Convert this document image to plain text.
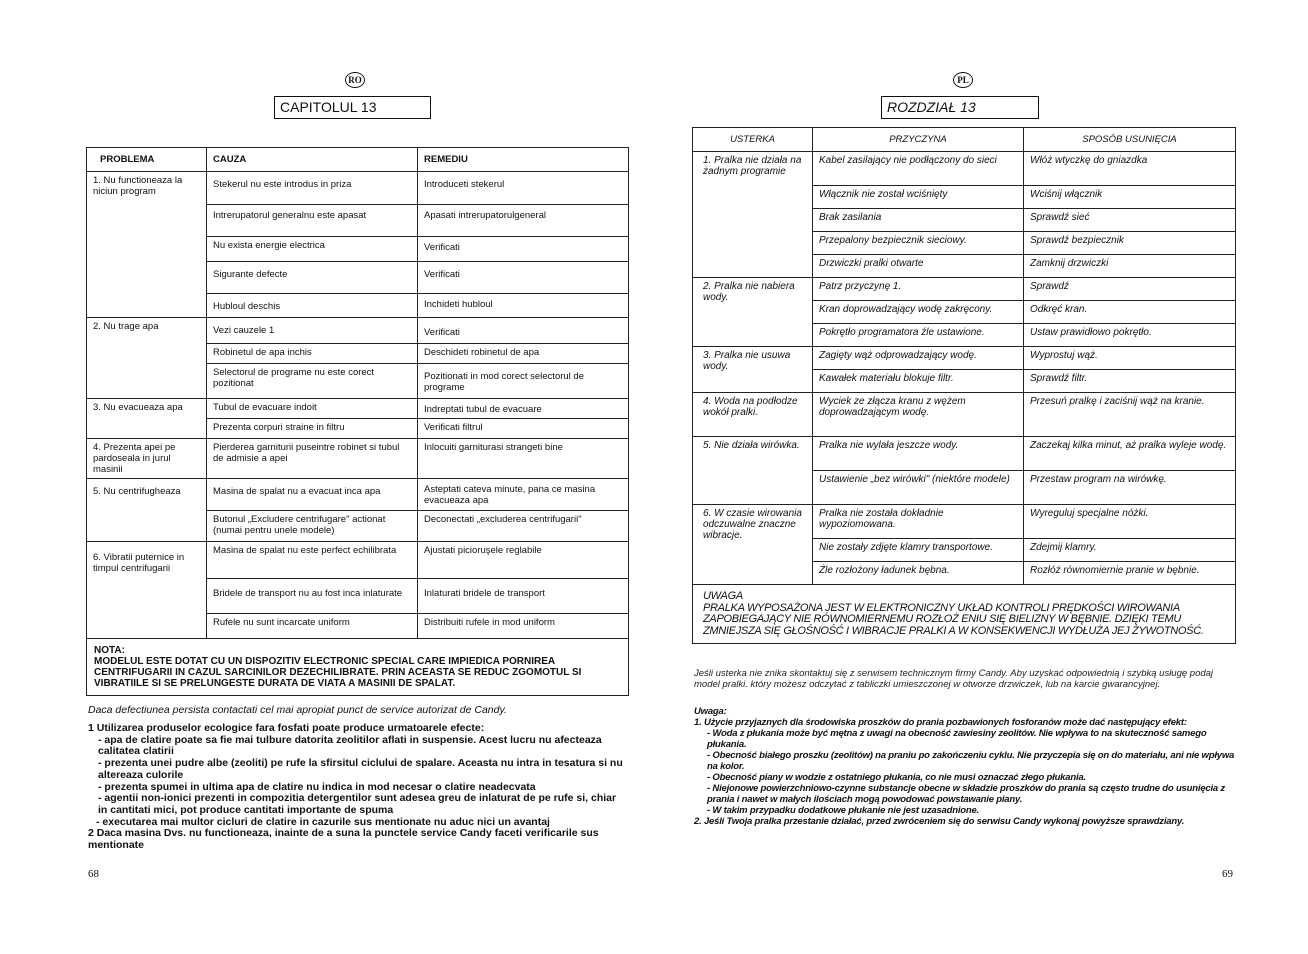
RO
CAPITOLUL 13
PROBLEMA	CAUZA	REMEDIU
1. Nu functioneaza la niciun program	Stekerul nu este introdus in priza	Introduceti stekerul
	Intrerupatorul generalnu este apasat	Apasati intrerupatorulgeneral
	Nu exista energie electrica	Verificati
	Sigurante defecte	Verificati
	Hubloul deschis	Inchideti hubloul
2. Nu trage apa	Vezi cauzele 1	Verificati
	Robinetul de apa inchis	Deschideti robinetul de apa
	Selectorul de programe nu este corect pozitionat	Pozitionati in mod corect selectorul de programe
3. Nu evacueaza apa	Tubul de evacuare indoit	Indreptati tubul de evacuare
	Prezenta corpuri straine in filtru	Verificati filtrul
4. Prezenta apei pe pardoseala in jurul masinii	Pierderea garniturii puseintre robinet si tubul de admisie a apei	Inlocuiti garniturasi strangeti bine
5. Nu centrifugheaza	Masina de spalat nu a evacuat inca apa	Asteptati cateva minute, pana ce masina evacueaza apa
	Butonul „Excludere centrifugare" actionat (numai pentru unele modele)	Deconectati „excluderea centrifugarii"
6. Vibratii puternice in timpul centrifugarii	Masina de spalat nu este perfect echilibrata	Ajustati picioruşele reglabile
	Bridele de transport nu au fost inca inlaturate	Inlaturati bridele de transport
	Rufele nu sunt incarcate uniform	Distribuiti rufele in mod uniform

NOTA:
MODELUL ESTE DOTAT CU UN DISPOZITIV ELECTRONIC SPECIAL CARE IMPIEDICA PORNIREA CENTRIFUGARII IN CAZUL SARCINILOR DEZECHILIBRATE. PRIN ACEASTA SE REDUC ZGOMOTUL SI VIBRATIILE SI SE PRELUNGESTE DURATA DE VIATA A MASINII DE SPALAT.		
Daca defectiunea persista contactati cel mai apropiat punct de service autorizat de Candy.
1 Utilizarea produselor ecologice fara fosfati poate produce urmatoarele efecte:
- apa de clatire poate sa fie mai tulbure datorita zeolitilor aflati in suspensie. Acest lucru nu afecteaza calitatea clatirii
- prezenta unei pudre albe (zeoliti) pe rufe la sfirsitul ciclului de spalare. Aceasta nu intra in tesatura si nu altereaza culorile
- prezenta spumei in ultima apa de clatire nu indica in mod necesar o clatire neadecvata
- agentii non-ionici prezenti in compozitia detergentilor sunt adesea greu de inlaturat de pe rufe si, chiar in cantitati mici, pot produce cantitati importante de spuma
- executarea mai multor cicluri de clatire in cazurile sus mentionate nu aduc nici un avantaj
2 Daca masina Dvs. nu functioneaza, inainte de a suna la punctele service Candy faceti verificarile sus mentionate
68
PL
ROZDZIAŁ 13
USTERKA	PRZYCZYNA	SPOSÓB USUNIĘCIA
1. Pralka nie działa na żadnym programie	Kabel zasilający nie podłączony do sieci	Włóż wtyczkę do gniazdka
	Włącznik nie został wciśnięty	Wciśnij włącznik
	Brak zasilania	Sprawdź sieć
	Przepalony bezpiecznik sieciowy.	Sprawdź bezpiecznik
	Drzwiczki pralki otwarte	Zamknij drzwiczki
2. Pralka nie nabiera wody.	Patrz przyczynę 1.	Sprawdź
	Kran doprowadzający wodę zakręcony.	Odkręć kran.
	Pokrętło programatora źle ustawione.	Ustaw prawidłowo pokrętło.
3. Pralka nie usuwa wody.	Zagięty wąż odprowadzający wodę.	Wyprostuj wąż.
	Kawałek materiału blokuje filtr.	Sprawdź filtr.
4. Woda na podłodze wokół pralki.	Wyciek ze złącza kranu z wężem doprowadzającym wodę.	Przesuń pralkę i zaciśnij wąż na kranie.
5. Nie działa wirówka.	Pralka nie wylała jeszcze wody.	Zaczekaj kilka minut, aż pralka wyleje wodę.
	Ustawienie „bez wirówki" (niektóre modele)	Przestaw program na wirówkę.
6. W czasie wirowania odczuwalne znaczne wibracje.	Pralka nie została dokładnie wypoziomowana.	Wyreguluj specjalne nóżki.
	Nie zostały zdjęte klamry transportowe.	Zdejmij klamry.
	Źle rozłożony ładunek bębna.	Rozłóż równomiernie pranie w bębnie.

UWAGA
PRALKA WYPOSAŻONA JEST W ELEKTRONICZNY UKŁAD KONTROLI PRĘDKOŚCI WIROWANIA ZAPOBIEGAJĄCY NIE RÓWNOMIERNEMU ROZŁOŻ ENIU SIĘ BIELIZNY W BĘBNIE. DZIĘKI TEMU ZMNIEJSZA SIĘ GŁOŚNOŚĆ I WIBRACJE PRALKI A W KONSEKWENCJI WYDŁUŻA JEJ ŻYWOTNOŚĆ.		
Jeśli usterka nie znika skontaktuj się z serwisem technicznym firmy Candy. Aby uzyskać odpowiednią i szybką usługę podaj model pralki. który możesz odczytać z tabliczki umieszczonej w otworze drzwiczek, lub na karcie gwarancyjnej.
Uwaga:
1. Użycie przyjaznych dla środowiska proszków do prania pozbawionych fosforanów może dać następujący efekt:
- Woda z płukania może być mętna z uwagi na obecność zawiesiny zeolitów. Nie wpływa to na skuteczność samego płukania.
- Obecność białego proszku (zeolitów) na praniu po zakończeniu cyklu. Nie przyczepia się on do materiału, ani nie wpływa na kolor.
- Obecność piany w wodzie z ostatniego płukania, co nie musi oznaczać złego płukania.
- Niejonowe powierzchniowo-czynne substancje obecne w składzie proszków do prania są często trudne do usunięcia z prania i nawet w małych ilościach mogą powodować powstawanie piany.
- W takim przypadku dodatkowe płukanie nie jest uzasadnione.
2. Jeśli Twoja pralka przestanie działać, przed zwróceniem się do serwisu Candy wykonaj powyższe sprawdziany.
69
